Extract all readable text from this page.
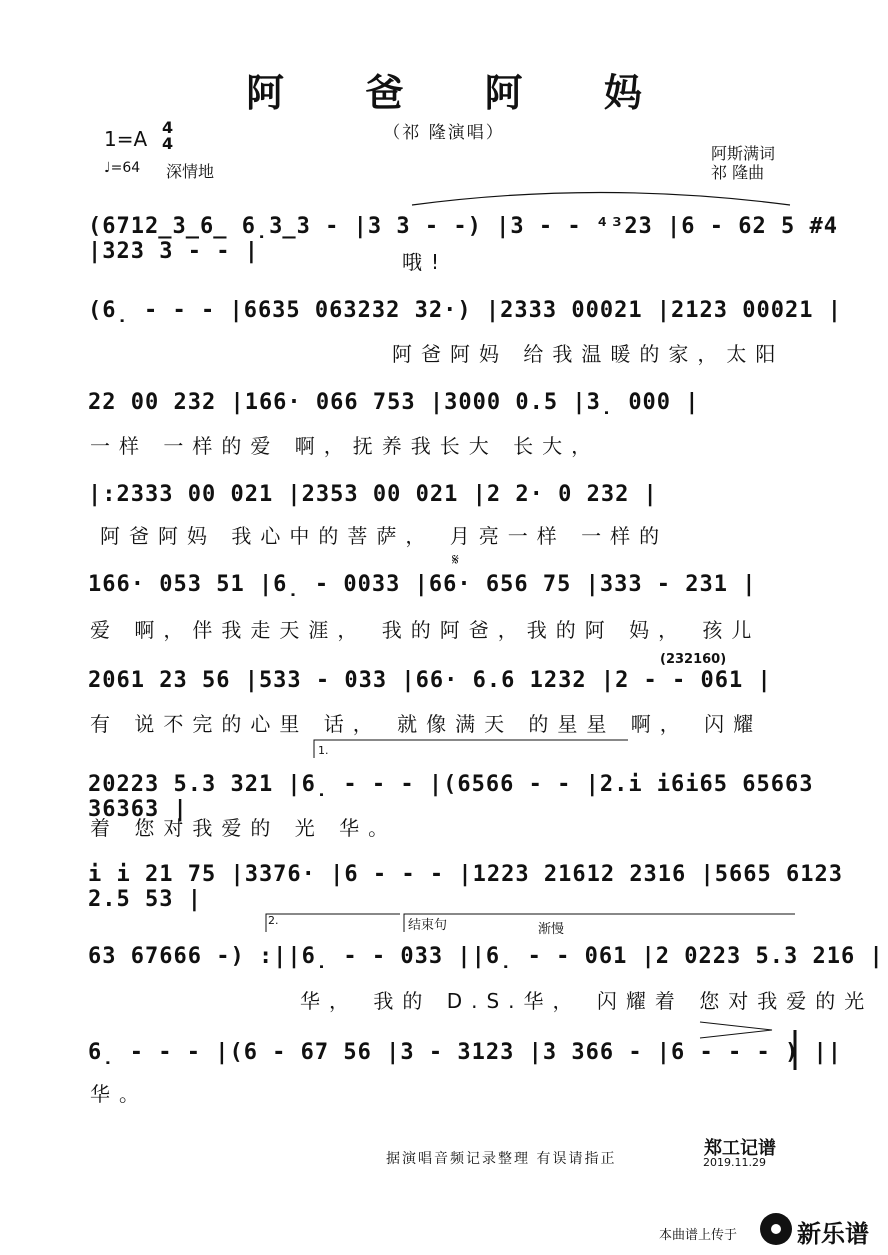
阿 爸 阿 妈
（祁 隆演唱）
1=A 4
4
♩=64 深情地
阿斯满词
祁 隆曲
(6712̲3̲6̲ 6̣3̲3 - |3 3 - -) |3 - - ⁴³23 |6 - 62 5 #4 |323 3 - - |	哦!
(6̣ - - - |6635 063232 32·) |2333 00021 |2123 00021 |
阿爸阿妈 给我温暖的家，太阳
22 00 232 |166· 066 753 |3000 0.5 |3̣ 000 |
一样 一样的爱 啊，抚养我长大 长大，
|:2333 00 021 |2353 00 021 |2 2· 0 232 |
阿爸阿妈 我心中的菩萨， 月亮一样 一样的
166· 053 51 |6̣ - 0033 |66· 656 75 |333 - 231 |
爱 啊，伴我走天涯， 我的阿爸，我的阿 妈， 孩儿
2061 23 56 |533 - 033 |66· 6.6 1232 |2 - - 061 |
有 说不完的心里 话， 就像满天 的星星 啊， 闪耀
20223 5.3 321 |6̣ - - - |(6566 - - |2.i i6i65 65663 36363 |
着 您对我爱的 光 华。
i i 21 75 |3376· |6 - - - |1223 21612 2316 |5665 6123 2.5 53 |
63 67666 -) :||6̣ - - 033 ||6̣ - - 061 |2 0223 5.3 216 |
华， 我的 D.S.华， 闪耀着 您对我爱的光
6̣ - - - |(6 - 67 56 |3 - 3123 |3 366 - |6 - - - ) ||
华。
1.
2.	结束句	渐慢
(232160)
𝄋
据演唱音频记录整理 有误请指正	郑工记谱
2019.11.29
本曲谱上传于 新乐谱
